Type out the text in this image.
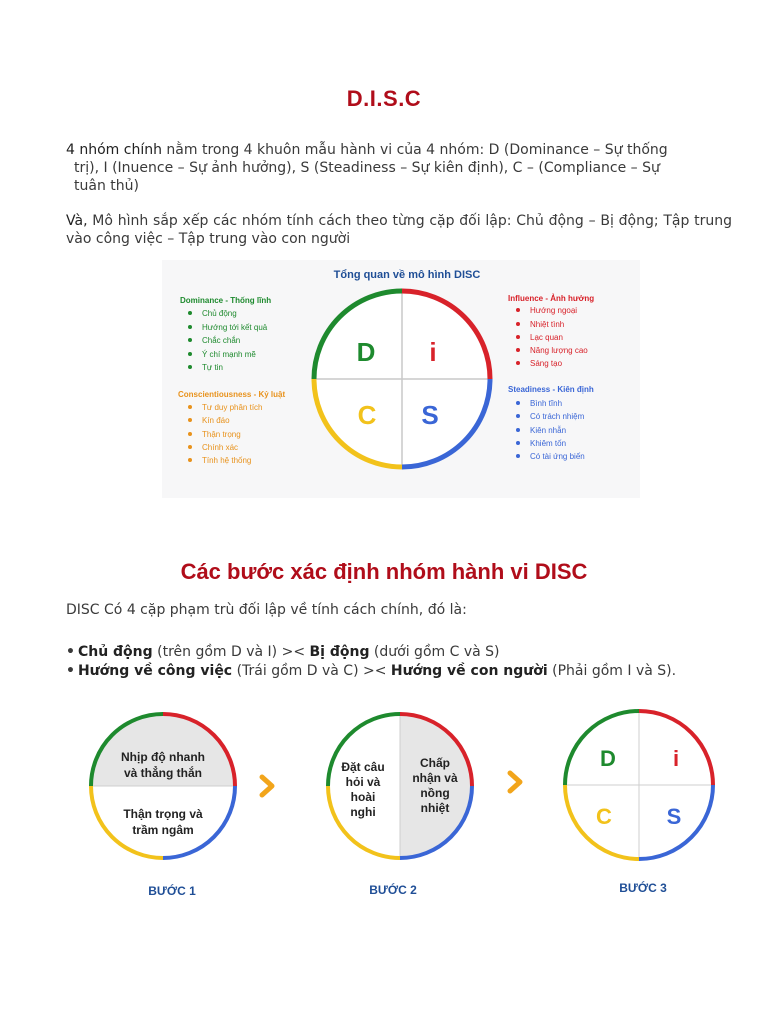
D.I.S.C
4 nhóm chính nằm trong 4 khuôn mẫu hành vi của 4 nhóm: D (Dominance – Sự thống
trị), I (Inuence – Sự ảnh hưởng), S (Steadiness – Sự kiên định), C – (Compliance – Sự
tuân thủ)
Và, Mô hình sắp xếp các nhóm tính cách theo từng cặp đối lập: Chủ động – Bị động; Tập trung vào công việc – Tập trung vào con người
Tổng quan về mô hình DISC
D i
C S
Dominance - Thống lĩnh
Chủ động
Hướng tới kết quả
Chắc chắn
Ý chí mạnh mẽ
Tự tin
Conscientiousness - Kỷ luật
Tư duy phân tích
Kín đáo
Thận trọng
Chính xác
Tính hệ thống
Influence - Ảnh hưởng
Hướng ngoại
Nhiệt tình
Lạc quan
Năng lượng cao
Sáng tạo
Steadiness - Kiên định
Bình tĩnh
Có trách nhiệm
Kiên nhẫn
Khiêm tốn
Có tài ứng biến
Các bước xác định nhóm hành vi DISC
DISC Có 4 cặp phạm trù đối lập về tính cách chính, đó là:
• Chủ động (trên gồm D và I) >< Bị động (dưới gồm C và S)
• Hướng về công việc (Trái gồm D và C) >< Hướng về con người (Phải gồm I và S).
Nhịp độ nhanh
và thẳng thắn
Thận trọng và
trầm ngâm
BƯỚC 1
Đặt câu
hỏi và
hoài
nghi
Chấp
nhận và
nồng
nhiệt
BƯỚC 2
D	i
C S
BƯỚC 3
